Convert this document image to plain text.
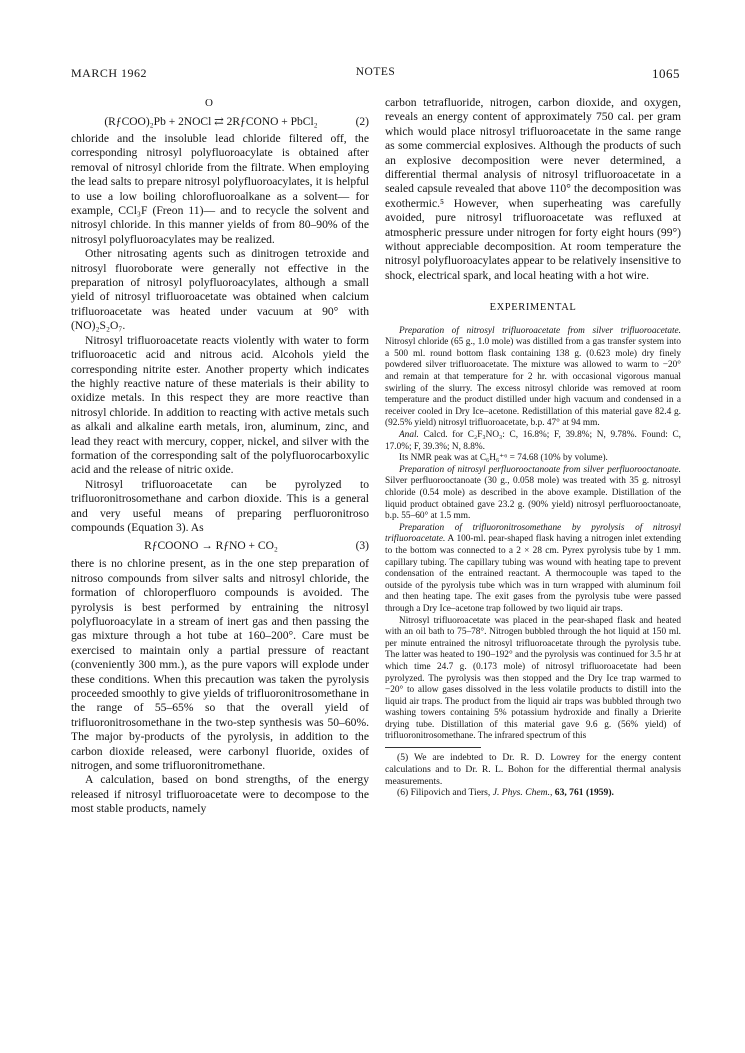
MARCH 1962	NOTES	1065
O
(RƒCOO)₂Pb + 2NOCl ⇄ 2RƒCONO + PbCl₂	(2)

chloride and the insoluble lead chloride filtered off, the corresponding nitrosyl polyfluoroacylate is obtained after removal of nitrosyl chloride from the filtrate. When employing the lead salts to prepare nitrosyl polyfluoroacylates, it is helpful to use a low boiling chlorofluoroalkane as a solvent— for example, CCl₃F (Freon 11)— and to recycle the solvent and nitrosyl chloride. In this manner yields of from 80–90% of the nitrosyl polyfluoroacylates may be realized.

Other nitrosating agents such as dinitrogen tetroxide and nitrosyl fluoroborate were generally not effective in the preparation of nitrosyl polyfluoroacylates, although a small yield of nitrosyl trifluoroacetate was obtained when calcium trifluoroacetate was heated under vacuum at 90° with (NO)₂S₂O₇.

Nitrosyl trifluoroacetate reacts violently with water to form trifluoroacetic acid and nitrous acid. Alcohols yield the corresponding nitrite ester. Another property which indicates the highly reactive nature of these materials is their ability to oxidize metals. In this respect they are more reactive than nitrosyl chloride. In addition to reacting with active metals such as alkali and alkaline earth metals, iron, aluminum, zinc, and lead they react with mercury, copper, nickel, and silver with the formation of the corresponding salt of the polyfluorocarboxylic acid and the release of nitric oxide.

Nitrosyl trifluoroacetate can be pyrolyzed to trifluoronitrosomethane and carbon dioxide. This is a general and very useful means of preparing perfluoronitroso compounds (Equation 3). As

RƒCOONO → RƒNO + CO₂	(3)

there is no chlorine present, as in the one step preparation of nitroso compounds from silver salts and nitrosyl chloride, the formation of chloroperfluoro compounds is avoided. The pyrolysis is best performed by entraining the nitrosyl polyfluoroacylate in a stream of inert gas and then passing the gas mixture through a hot tube at 160–200°. Care must be exercised to maintain only a partial pressure of reactant (conveniently 300 mm.), as the pure vapors will explode under these conditions. When this precaution was taken the pyrolysis proceeded smoothly to give yields of trifluoronitrosomethane in the range of 55–65% so that the overall yield of trifluoronitrosomethane in the two-step synthesis was 50–60%. The major by-products of the pyrolysis, in addition to the carbon dioxide released, were carbonyl fluoride, oxides of nitrogen, and some trifluoronitromethane.

A calculation, based on bond strengths, of the energy released if nitrosyl trifluoroacetate were to decompose to the most stable products, namely

carbon tetrafluoride, nitrogen, carbon dioxide, and oxygen, reveals an energy content of approximately 750 cal. per gram which would place nitrosyl trifluoroacetate in the same range as some commercial explosives. Although the products of such an explosive decomposition were never determined, a differential thermal analysis of nitrosyl trifluoroacetate in a sealed capsule revealed that above 110° the decomposition was exothermic.⁵ However, when superheating was carefully avoided, pure nitrosyl trifluoroacetate was refluxed at atmospheric pressure under nitrogen for forty eight hours (99°) without appreciable decomposition. At room temperature the nitrosyl polyfluoroacylates appear to be relatively insensitive to shock, electrical spark, and local heating with a hot wire.

EXPERIMENTAL

Preparation of nitrosyl trifluoroacetate from silver trifluoroacetate. Nitrosyl chloride (65 g., 1.0 mole) was distilled from a gas transfer system into a 500 ml. round bottom flask containing 138 g. (0.623 mole) dry finely powdered silver trifluoroacetate. The mixture was allowed to warm to −20° and remain at that temperature for 2 hr. with occasional vigorous manual swirling of the slurry. The excess nitrosyl chloride was removed at room temperature and the product distilled under high vacuum and condensed in a receiver cooled in Dry Ice–acetone. Redistillation of this material gave 82.4 g. (92.5% yield) nitrosyl trifluoroacetate, b.p. 47° at 94 mm.

Anal. Calcd. for C₂F₃NO₃: C, 16.8%; F, 39.8%; N, 9.78%. Found: C, 17.0%; F, 39.3%; N, 8.8%.

Its NMR peak was at C₆H₆⁺⁶ = 74.68 (10% by volume).

Preparation of nitrosyl perfluorooctanoate from silver perfluorooctanoate. Silver perfluorooctanoate (30 g., 0.058 mole) was treated with 35 g. nitrosyl chloride (0.54 mole) as described in the above example. Distillation of the liquid product obtained gave 23.2 g. (90% yield) nitrosyl perfluorooctanoate, b.p. 55–60° at 1.5 mm.

Preparation of trifluoronitrosomethane by pyrolysis of nitrosyl trifluoroacetate. A 100-ml. pear-shaped flask having a nitrogen inlet extending to the bottom was connected to a 2 × 28 cm. Pyrex pyrolysis tube by 1 mm. capillary tubing. The capillary tubing was wound with heating tape to prevent condensation of the entrained reactant. A thermocouple was taped to the outside of the pyrolysis tube which was in turn wrapped with aluminum foil and then heating tape. The exit gases from the pyrolysis tube were passed through a Dry Ice–acetone trap followed by two liquid air traps.

Nitrosyl trifluoroacetate was placed in the pear-shaped flask and heated with an oil bath to 75–78°. Nitrogen bubbled through the hot liquid at 150 ml. per minute entrained the nitrosyl trifluoroacetate through the pyrolysis tube. The latter was heated to 190–192° and the pyrolysis was continued for 3.5 hr at which time 24.7 g. (0.173 mole) of nitrosyl trifluoroacetate had been pyrolyzed. The pyrolysis was then stopped and the Dry Ice trap warmed to −20° to allow gases dissolved in the less volatile products to distill into the liquid air traps. The product from the liquid air traps was bubbled through two washing towers containing 5% potassium hydroxide and finally a Drierite drying tube. Distillation of this material gave 9.6 g. (56% yield) of trifluoronitrosomethane. The infrared spectrum of this

(5) We are indebted to Dr. R. D. Lowrey for the energy content calculations and to Dr. R. L. Bohon for the differential thermal analysis measurements.

(6) Filipovich and Tiers, J. Phys. Chem., 63, 761 (1959).
